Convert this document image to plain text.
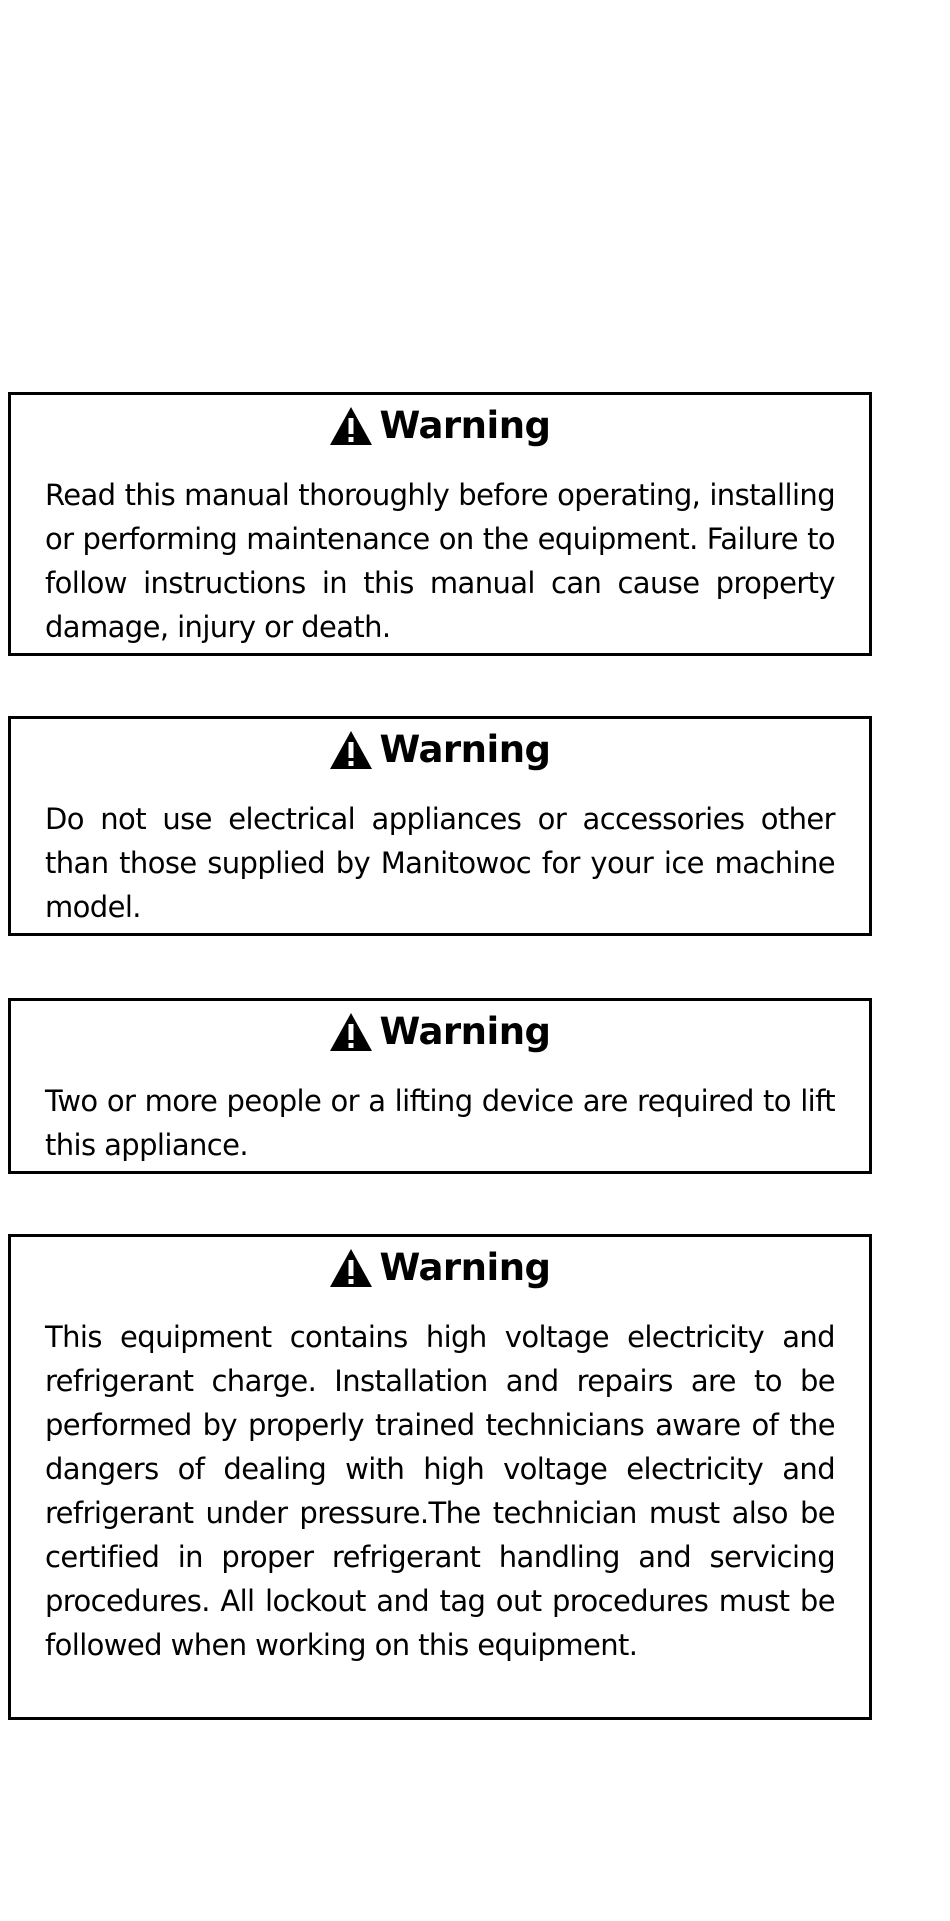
Warning

Read this manual thoroughly before operating, installing or performing maintenance on the equipment. Failure to follow instructions in this manual can cause property damage, injury or death.

Warning

Do not use electrical appliances or accessories other than those supplied by Manitowoc for your ice machine model.

Warning

Two or more people or a lifting device are required to lift this appliance.

Warning

This equipment contains high voltage electricity and refrigerant charge. Installation and repairs are to be performed by properly trained technicians aware of the dangers of dealing with high voltage electricity and refrigerant under pressure.The technician must also be certified in proper refrigerant handling and servicing procedures. All lockout and tag out procedures must be followed when working on this equipment.
